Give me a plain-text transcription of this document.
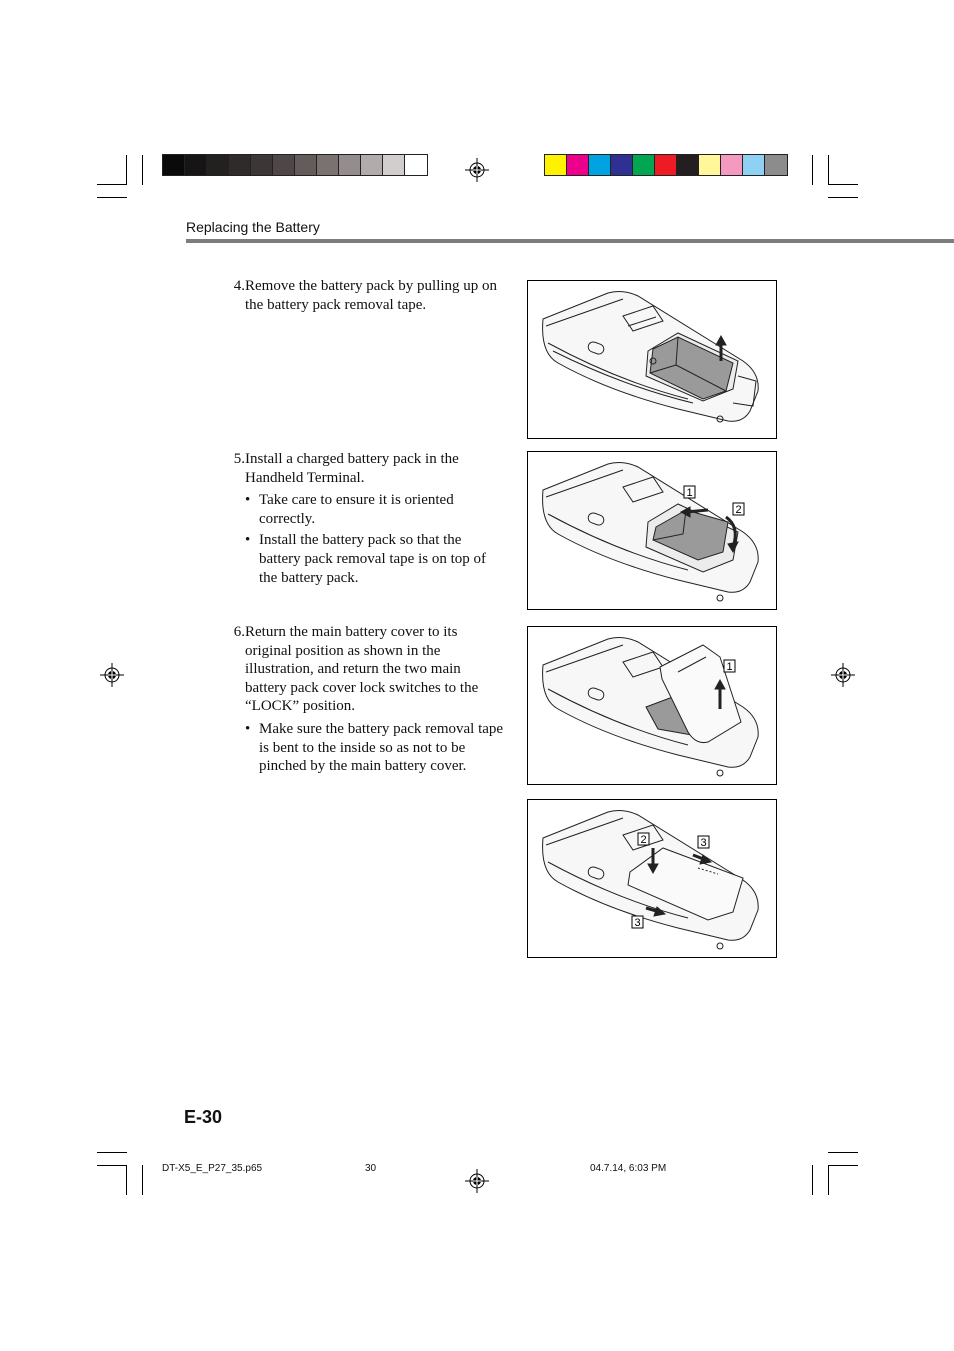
Replacing the Battery
4. Remove the battery pack by pulling up on the battery pack removal tape.
5. Install a charged battery pack in the Handheld Terminal.
• Take care to ensure it is oriented correctly.
• Install the battery pack so that the battery pack removal tape is on top of the battery pack.
6. Return the main battery cover to its original position as shown in the illustration, and return the two main battery pack cover lock switches to the “LOCK” position.
• Make sure the battery pack removal tape is bent to the inside so as not to be pinched by the main battery cover.
1
2
1
2	3
3
E-30
DT-X5_E_P27_35.p65	30	04.7.14, 6:03 PM
